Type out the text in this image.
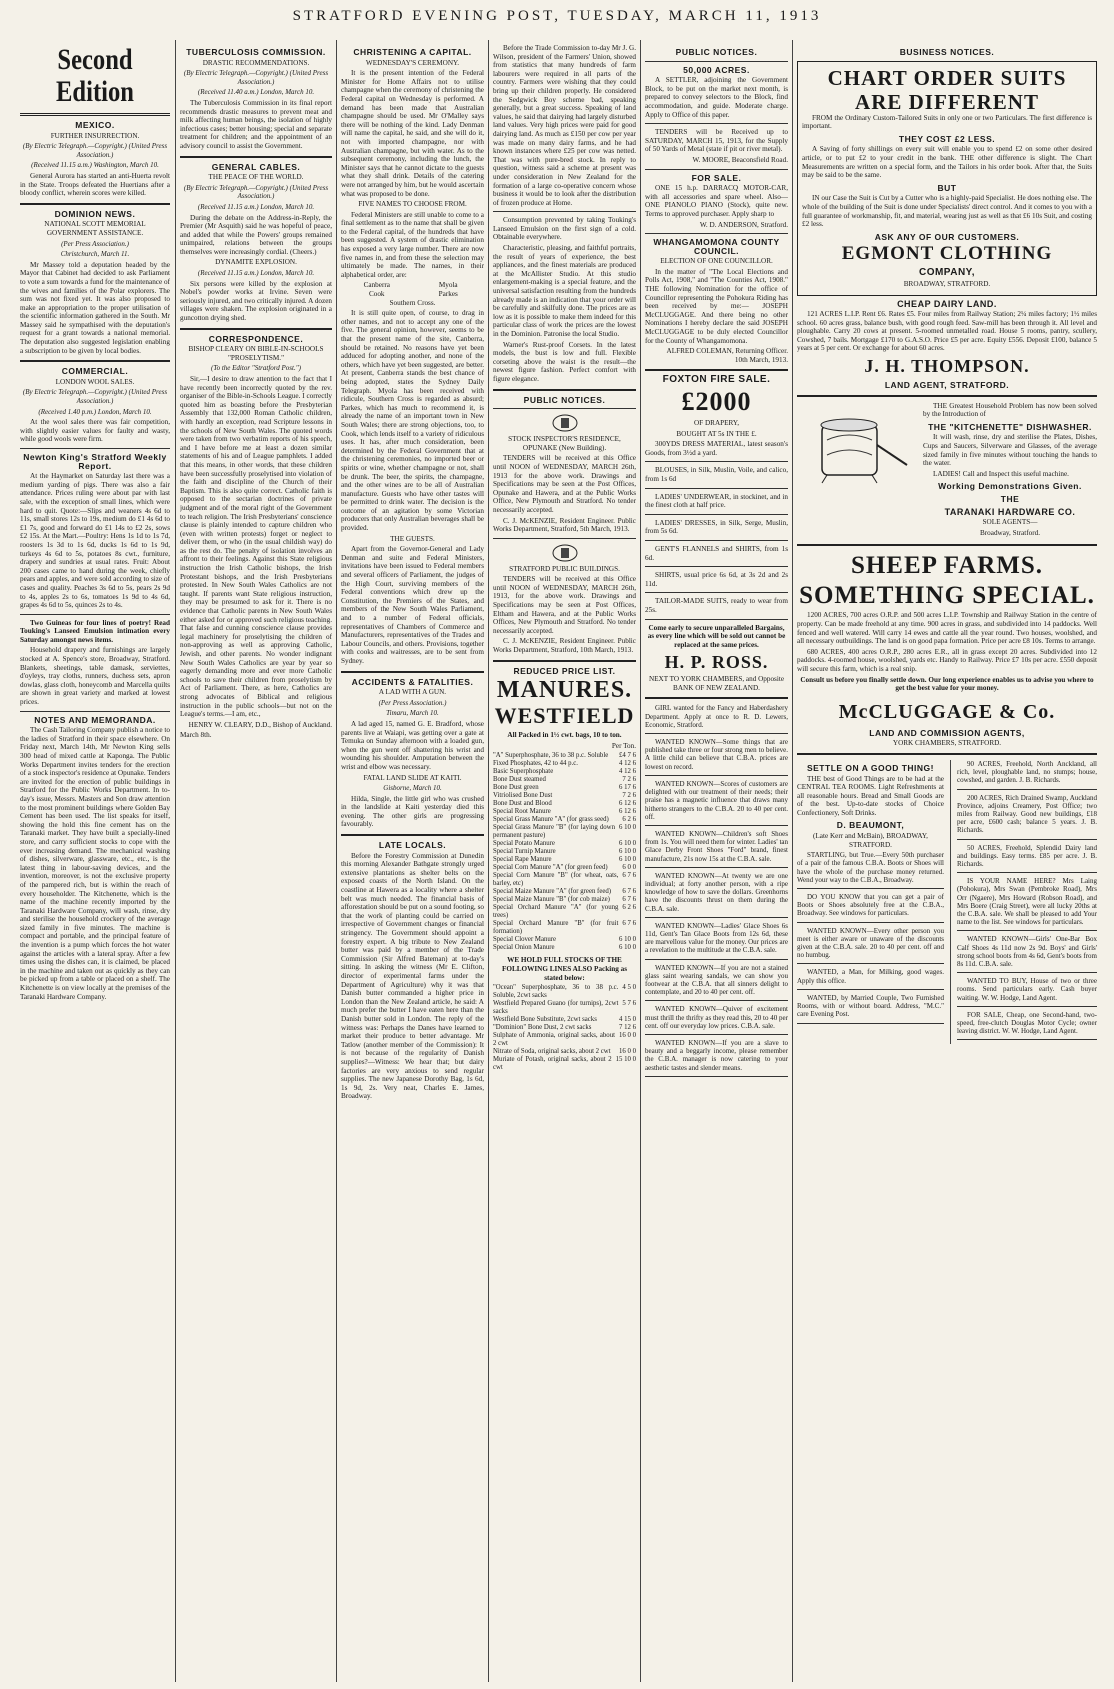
STRATFORD EVENING POST, TUESDAY, MARCH 11, 1913
Second Edition
MEXICO.
FURTHER INSURRECTION.
(By Electric Telegraph.—Copyright.) (United Press Association.)
(Received 11.15 a.m.) Washington, March 10.

General Aurora has started an anti-Huerta revolt in the State. Troops defeated the Huertians after a bloody conflict, wherein scores were killed.

DOMINION NEWS.
NATIONAL SCOTT MEMORIAL GOVERNMENT ASSISTANCE.
(Per Press Association.)
Christchurch, March 11.

Mr Massey told a deputation headed by the Mayor that Cabinet had decided to ask Parliament to vote a sum towards a fund for the maintenance of the wives and families of the Polar explorers. The sum was not fixed yet. It was also proposed to make an appropriation to the proper utilisation of the scientific information gathered in the South. Mr Massey said he sympathised with the deputation's request for a grant towards a national memorial. The deputation also suggested legislation enabling a subscription to be given by local bodies.

COMMERCIAL.
LONDON WOOL SALES.
(By Electric Telegraph.—Copyright.) (United Press Association.)
(Received 1.40 p.m.) London, March 10.

At the wool sales there was fair competition, with slightly easier values for faulty and wasty, while good wools were firm.

Newton King's Stratford Weekly Report.

At the Haymarket on Saturday last there was a medium yarding of pigs. There was also a fair attendance. Prices ruling were about par with last sale, with the exception of small lines, which were hard to quit. Quote:—Slips and weaners 4s 6d to 11s, small stores 12s to 19s, medium do £1 4s 6d to £1 7s, good and forward do £1 14s to £2 2s, sows £2 15s. At the Mart.—Poultry: Hens 1s 1d to 1s 7d, roosters 1s 3d to 1s 6d, ducks 1s 6d to 1s 9d, turkeys 4s 6d to 5s, potatoes 8s cwt., furniture, drapery and sundries at usual rates. Fruit: About 200 cases came to hand during the week, chiefly pears and apples, and were sold according to size of cases and quality. Peaches 3s 6d to 5s, pears 2s 9d to 4s, apples 2s to 6s, tomatoes 1s 9d to 4s 6d, grapes 4s 6d to 5s, quinces 2s to 4s.

Two Guineas for four lines of poetry! Read Touking's Lanseed Emulsion intimation every Saturday amongst news items.

Household drapery and furnishings are largely stocked at A. Spence's store, Broadway, Stratford. Blankets, sheetings, table damask, serviettes, d'oyleys, tray cloths, runners, duchess sets, apron dowlas, glass cloth, honeycomb and Marcella quilts are shown in great variety and marked at lowest prices.

NOTES AND MEMORANDA.

The Cash Tailoring Company publish a notice to the ladies of Stratford in their space elsewhere. On Friday next, March 14th, Mr Newton King sells 300 head of mixed cattle at Kaponga. The Public Works Department invites tenders for the erection of a stock inspector's residence at Opunake. Tenders are invited for the erection of public buildings in Stratford for the Public Works Department. In to-day's issue, Messrs. Masters and Son draw attention to the most prominent buildings where Golden Bay Cement has been used. The list speaks for itself, showing the hold this fine cement has on the Taranaki market. They have built a specially-lined store, and carry sufficient stocks to cope with the ever increasing demand. The mechanical washing of dishes, silverware, glassware, etc., etc., is the latest thing in labour-saving devices, and the invention, moreover, is not the exclusive property of the pampered rich, but is within the reach of every householder. The Kitchenette, which is the name of the machine recently imported by the Taranaki Hardware Company, will wash, rinse, dry and sterilise the household crockery of the average sized family in five minutes. The machine is compact and portable, and the principal feature of the invention is a pump which forces the hot water against the articles with a lateral spray. After a few times using the dishes can, it is claimed, be placed in the machine and taken out as quickly as they can be picked up from a table or placed on a shelf. The Kitchenette is on view locally at the premises of the Taranaki Hardware Company.

TUBERCULOSIS COMMISSION.
DRASTIC RECOMMENDATIONS.
(By Electric Telegraph.—Copyright.) (United Press Association.)
(Received 11.40 a.m.) London, March 10.

The Tuberculosis Commission in its final report recommends drastic measures to prevent meat and milk affecting human beings, the isolation of highly infectious cases; better housing; special and separate treatment for children; and the appointment of an advisory council to assist the Government.

GENERAL CABLES.
THE PEACE OF THE WORLD.
(By Electric Telegraph.—Copyright.) (United Press Association.)
(Received 11.15 a.m.) London, March 10.

During the debate on the Address-in-Reply, the Premier (Mr Asquith) said he was hopeful of peace, and added that while the Powers' groups remained unimpaired, relations between the groups themselves were increasingly cordial. (Cheers.)

DYNAMITE EXPLOSION.
(Received 11.15 a.m.) London, March 10.

Six persons were killed by the explosion at Nobel's powder works at Irvine. Seven were seriously injured, and two critically injured. A dozen villages were shaken. The explosion originated in a guncotton drying shed.

CORRESPONDENCE.
BISHOP CLEARY ON BIBLE-IN-SCHOOLS "PROSELYTISM."
(To the Editor "Stratford Post.")

Sir,—I desire to draw attention to the fact that I have recently been incorrectly quoted by the rev. organiser of the Bible-in-Schools League. I correctly quoted him as boasting before the Presbyterian Assembly that 132,000 Roman Catholic children, with hardly an exception, read Scripture lessons in the schools of New South Wales. The quoted words were taken from two verbatim reports of his speech, and I have before me at least a dozen similar statements of his and of League pamphlets. I added that this means, in other words, that these children have been successfully proselytised into violation of the faith and discipline of the Church of their Baptism. This is also quite correct. Catholic faith is opposed to the sectarian doctrines of private judgment and of the moral right of the Government to teach religion. The Irish Presbyterians' conscience clause is plainly intended to capture children who (even with written protests) forget or neglect to deliver them, or who (in the usual childish way) do as the rest do. The penalty of isolation involves an affront to their feelings. Against this State religious instruction the Irish Catholic bishops, the Irish Protestant bishops, and the Irish Presbyterians protested. In New South Wales Catholics are not taught. If parents want State religious instruction, they may be presumed to ask for it. There is no evidence that Catholic parents in New South Wales either asked for or approved such religious teaching. That false and cunning conscience clause provides legal machinery for proselytising the children of non-approving as well as approving Catholic, Jewish, and other parents. No wonder indignant New South Wales Catholics are year by year so eagerly demanding more and ever more Catholic schools to save their children from proselytism by Act of Parliament. There, as here, Catholics are strong advocates of Biblical and religious instruction in the public schools—but not on the League's terms.—I am, etc.,

HENRY W. CLEARY, D.D., Bishop of Auckland.
March 8th.
CHRISTENING A CAPITAL.
WEDNESDAY'S CEREMONY.

It is the present intention of the Federal Minister for Home Affairs not to utilise champagne when the ceremony of christening the Federal capital on Wednesday is performed. A demand has been made that Australian champagne should be used. Mr O'Malley says there will be nothing of the kind. Lady Denman will name the capital, he said, and she will do it, not with imported champagne, nor with Australian champagne, but with water. As to the subsequent ceremony, including the lunch, the Minister says that he cannot dictate to the guests what they shall drink. Details of the catering were not arranged by him, but he would ascertain what was proposed to be done.

FIVE NAMES TO CHOOSE FROM.

Federal Ministers are still unable to come to a final settlement as to the name that shall be given to the Federal capital, of the hundreds that have been suggested. A system of drastic elimination has exposed a very large number. There are now five names in, and from these the selection may ultimately be made. The names, in their alphabetical order, are:

Canberra	Myola
Cook	Parkes
Southern Cross.

It is still quite open, of course, to drag in other names, and not to accept any one of the five. The general opinion, however, seems to be that the present name of the site, Canberra, should be retained. No reasons have yet been adduced for adopting another, and none of the others, which have yet been suggested, are better. At present, Canberra stands the best chance of being adopted, states the Sydney Daily Telegraph. Myola has been received with ridicule, Southern Cross is regarded as absurd; Parkes, which has much to recommend it, is already the name of an important town in New South Wales; there are strong objections, too, to Cook, which lends itself to a variety of ridiculous uses. It has, after much consideration, been determined by the Federal Government that at the christening ceremonies, no imported beer or spirits or wine, whether champagne or not, shall be drunk. The beer, the spirits, the champagne, and the other wines are to be all of Australian manufacture. Guests who have other tastes will be permitted to drink water. The decision is the outcome of an agitation by some Victorian producers that only Australian beverages shall be provided.

THE GUESTS.

Apart from the Governor-General and Lady Denman and suite and Federal Ministers, invitations have been issued to Federal members and several officers of Parliament, the judges of the High Court, surviving members of the Federal conventions which drew up the Constitution, the Premiers of the States, and members of the New South Wales Parliament, and to a number of Federal officials, representatives of Chambers of Commerce and Manufacturers, representatives of the Trades and Labour Councils, and others. Provisions, together with cooks and waitresses, are to be sent from Sydney.

ACCIDENTS & FATALITIES.
A LAD WITH A GUN.
(Per Press Association.)
Timaru, March 10.

A lad aged 15, named G. E. Bradford, whose parents live at Waiapi, was getting over a gate at Temuka on Sunday afternoon with a loaded gun, when the gun went off shattering his wrist and wounding his shoulder. Amputation between the wrist and elbow was necessary.

FATAL LAND SLIDE AT KAITI.
Gisborne, March 10.

Hilda, Single, the little girl who was crushed in the landslide at Kaiti yesterday died this evening. The other girls are progressing favourably.

LATE LOCALS.

Before the Forestry Commission at Dunedin this morning Alexander Bathgate strongly urged extensive plantations as shelter belts on the exposed coasts of the North Island. On the coastline at Hawera as a locality where a shelter belt was much needed. The financial basis of afforestation should be put on a sound footing, so that the work of planting could be carried on irrespective of Government changes or financial stringency. The Government should appoint a forestry expert. A big tribute to New Zealand butter was paid by a member of the Trade Commission (Sir Alfred Bateman) at to-day's sitting. In asking the witness (Mr E. Clifton, director of experimental farms under the Department of Agriculture) why it was that Danish butter commanded a higher price in London than the New Zealand article, he said: A much prefer the butter I have eaten here than the Danish butter sold in London. The reply of the witness was: Perhaps the Danes have learned to market their produce to better advantage. Mr Tatlow (another member of the Commission): It is not because of the regularity of Danish supplies?—Witness: We hear that; but dairy factories are very anxious to send regular supplies. The new Japanese Dorothy Bag, 1s 6d, 1s 9d, 2s. Very neat, Charles E. James, Broadway.

Before the Trade Commission to-day Mr J. G. Wilson, president of the Farmers' Union, showed from statistics that many hundreds of farm labourers were required in all parts of the country. Farmers were wishing that they could bring up their children properly. He considered the Sedgwick Boy scheme bad, speaking generally, but a great success. Speaking of land values, he said that dairying had largely disturbed land values. Very high prices were paid for good dairying land. As much as £150 per cow per year was made on many dairy farms, and he had known instances where £25 per cow was netted. That was with pure-bred stock. In reply to question, witness said a scheme at present was under consideration in New Zealand for the formation of a large co-operative concern whose business it would be to look after the distribution of frozen produce at Home.

Consumption prevented by taking Touking's Lanseed Emulsion on the first sign of a cold. Obtainable everywhere.

Characteristic, pleasing, and faithful portraits, the result of years of experience, the best appliances, and the finest materials are produced at the McAllister Studio. At this studio enlargement-making is a special feature, and the universal satisfaction resulting from the hundreds already made is an indication that your order will be carefully and skilfully done. The prices are as low as it is possible to make them indeed for this particular class of work the prices are the lowest in the Dominion. Patronise the local Studio.

Warner's Rust-proof Corsets. In the latest models, the bust is low and full. Flexible corseting above the waist is the result—the newest figure fashion. Perfect comfort with figure elegance.

PUBLIC NOTICES.
STOCK INSPECTOR'S RESIDENCE, OPUNAKE (New Building).

TENDERS will be received at this Office until NOON of WEDNESDAY, MARCH 26th, 1913 for the above work. Drawings and Specifications may be seen at the Post Offices, Opunake and Hawera, and at the Public Works Office, New Plymouth and Stratford. No tender necessarily accepted.

C. J. McKENZIE, Resident Engineer. Public Works Department, Stratford, 5th March, 1913.

STRATFORD PUBLIC BUILDINGS.

TENDERS will be received at this Office until NOON of WEDNESDAY, MARCH 26th, 1913, for the above work. Drawings and Specifications may be seen at Post Offices, Eltham and Hawera, and at the Public Works Offices, New Plymouth and Stratford. No tender necessarily accepted.

C. J. McKENZIE, Resident Engineer. Public Works Department, Stratford, 10th March, 1913.

REDUCED PRICE LIST.
MANURES.
WESTFIELD
All Packed in 1½ cwt. bags, 10 to ton.
Per Ton.
"A" Superphosphate, 36 to 38 p.c. Soluble £4 7 6
Fixed Phosphates, 42 to 44 p.c.	4 12 6
Basic Superphosphate	4 12 6
Bone Dust steamed	7 2 6
Bone Dust green	6 17 6
Vitriolised Bone Dust	7 2 6
Bone Dust and Blood	6 12 6
Special Root Manure	6 12 6
Special Grass Manure "A" (for grass seed) 6 2 6
Special Grass Manure "B" (for laying down permanent pasture)
6 10 0
Special Potato Manure	6 10 0
Special Turnip Manure	6 10 0
Special Rape Manure	6 10 0
Special Corn Manure "A" (for green feed) 6 0 0
Special Corn Manure "B" (for wheat, oats, barley, etc)
6 7 6
Special Maize Manure "A" (for green feed) 6 7 6
Special Maize Manure "B" (for cob maize) 6 7 6
Special Orchard Manure "A" (for young trees)
6 2 6
Special Orchard Manure "B" (for fruit formation)
6 7 6
Special Clover Manure	6 10 0
Special Onion Manure	6 10 0
WE HOLD FULL STOCKS OF THE FOLLOWING LINES ALSO Packing as stated below:
"Ocean" Superphosphate, 36 to 38 p.c. Soluble, 2cwt sacks
4 5 0
Westfield Prepared Guano (for turnips), 2cwt sacks
5 7 6
Westfield Bone Substitute, 2cwt sacks	4 15 0
"Dominion" Bone Dust, 2 cwt sacks	7 12 6
Sulphate of Ammonia, original sacks, about 2 cwt
16 0 0
Nitrate of Soda, original sacks, about 2 cwt 16 0 0
Muriate of Potash, original sacks, about 2 cwt
15 10 0
PUBLIC NOTICES.
50,000 ACRES.

A SETTLER, adjoining the Government Block, to be put on the market next month, is prepared to convey selectors to the Block, find accommodation, and guide. Moderate charge. Apply to Office of this paper.

TENDERS will be Received up to SATURDAY, MARCH 15, 1913, for the Supply of 50 Yards of Metal (state if pit or river metal).

W. MOORE, Beaconsfield Road.

FOR SALE.

ONE 15 h.p. DARRACQ MOTOR-CAR, with all accessories and spare wheel. Also— ONE PIANOLO PIANO (Stock), quite new. Terms to approved purchaser. Apply sharp to

W. D. ANDERSON, Stratford.

WHANGAMOMONA COUNTY COUNCIL.
ELECTION OF ONE COUNCILLOR.

In the matter of "The Local Elections and Polls Act, 1908," and "The Counties Act, 1908." THE following Nomination for the office of Councillor representing the Pohokura Riding has been received by me:— JOSEPH McCLUGGAGE. And there being no other Nominations I hereby declare the said JOSEPH McCLUGGAGE to be duly elected Councillor for the County of Whangamomona.

ALFRED COLEMAN, Returning Officer. 10th March, 1913.

FOXTON FIRE SALE.
£2000
OF DRAPERY,
BOUGHT AT 5s IN THE £.

300YDS DRESS MATERIAL, latest season's Goods, from 3½d a yard.

BLOUSES, in Silk, Muslin, Voile, and calico, from 1s 6d

LADIES' UNDERWEAR, in stockinet, and in the finest cloth at half price.

LADIES' DRESSES, in Silk, Serge, Muslin, from 5s 6d.

GENT'S FLANNELS and SHIRTS, from 1s 6d.

SHIRTS, usual price 6s 6d, at 3s 2d and 2s 11d.

TAILOR-MADE SUITS, ready to wear from 25s.

Come early to secure unparalleled Bargains, as every line which will be sold out cannot be replaced at the same prices.
H. P. ROSS.
NEXT TO YORK CHAMBERS, and Opposite BANK OF NEW ZEALAND.

GIRL wanted for the Fancy and Haberdashery Department. Apply at once to R. D. Lewers, Economic, Stratford.

WANTED KNOWN—Some things that are published take three or four strong men to believe. A little child can believe that C.B.A. prices are lowest on record.

WANTED KNOWN—Scores of customers are delighted with our treatment of their needs; their praise has a magnetic influence that draws many hitherto strangers to the C.B.A. 20 to 40 per cent. off.

WANTED KNOWN—Children's soft Shoes from 1s. You will need them for winter. Ladies' tan Glace Derby Front Shoes "Ford" brand, finest manufacture, 21s now 15s at the C.B.A. sale.

WANTED KNOWN—At twenty we are one individual; at forty another person, with a ripe knowledge of how to save the dollars. Greenhorns have the discounts thrust on them during the C.B.A. sale.

WANTED KNOWN—Ladies' Glace Shoes 6s 11d, Gent's Tan Glace Boots from 12s 6d, these are marvellous value for the money. Our prices are a revelation to the multitude at the C.B.A. sale.

WANTED KNOWN—If you are not a stained glass saint wearing sandals, we can show you footwear at the C.B.A. that all sinners delight to contemplate, and 20 to 40 per cent. off.

WANTED KNOWN—Quiver of excitement must thrill the thrifty as they read this, 20 to 40 per cent. off our everyday low prices. C.B.A. sale.

WANTED KNOWN—If you are a slave to beauty and a beggarly income, please remember the C.B.A. manager is now catering to your aesthetic tastes and slender means.

BUSINESS NOTICES.
CHART ORDER SUITS
ARE DIFFERENT

FROM the Ordinary Custom-Tailored Suits in only one or two Particulars. The first difference is important.

THEY COST £2 LESS.

A Saving of forty shillings on every suit will enable you to spend £2 on some other desired article, or to put £2 to your credit in the bank. THE other difference is slight. The Chart Measurements are written on a special form, and the Tailors in his order book. After that, the Suits may be said to be the same.

BUT

IN our Case the Suit is Cut by a Cutter who is a highly-paid Specialist. He does nothing else. The whole of the building of the Suit is done under Specialists' direct control. And it comes to you with a full guarantee of workmanship, fit, and material, wearing just as well as that £6 10s Suit, and costing £2 less.

ASK ANY OF OUR CUSTOMERS.
EGMONT CLOTHING
COMPANY,
BROADWAY, STRATFORD.
CHEAP DAIRY LAND.

121 ACRES L.I.P. Rent £6. Rates £5. Four miles from Railway Station; 2¼ miles factory; 1½ miles school. 60 acres grass, balance bush, with good rough feed. Saw-mill has been through it. All level and ploughable. Carry 20 cows at present. 5-roomed unmetalled road. House 5 rooms, pantry, scullery, Cowshed, 7 bails. Mortgage £170 to G.A.S.O. Price £5 per acre. Equity £556. Deposit £100, balance 5 years at 5 per cent. Or exchange for about 60 acres.

J. H. THOMPSON.
LAND AGENT, STRATFORD.

THE Greatest Household Problem has now been solved by the Introduction of

THE "KITCHENETTE" DISHWASHER.

It will wash, rinse, dry and sterilise the Plates, Dishes, Cups and Saucers, Silverware and Glasses, of the average sized family in five minutes without touching the hands to the water.

LADIES! Call and Inspect this useful machine.

Working Demonstrations Given.
THE
TARANAKI HARDWARE CO.
SOLE AGENTS—
Broadway, Stratford.
SHEEP FARMS.
SOMETHING SPECIAL.

1200 ACRES, 700 acres O.R.P. and 500 acres L.I.P. Township and Railway Station in the centre of property. Can be made freehold at any time. 900 acres in grass, and subdivided into 14 paddocks. Well fenced and well watered. Will carry 14 ewes and cattle all the year round. Two houses, woolshed, and all necessary outbuildings. The land is on good papa formation. Price per acre £8 10s. Terms to arrange.

680 ACRES, 400 acres O.R.P., 280 acres E.R., all in grass except 20 acres. Subdivided into 12 paddocks. 4-roomed house, woolshed, yards etc. Handy to Railway. Price £7 10s per acre. £550 deposit will secure this farm, which is a real snip.

Consult us before you finally settle down. Our long experience enables us to advise you where to get the best value for your money.
McCLUGGAGE & Co.
LAND AND COMMISSION AGENTS,
YORK CHAMBERS, STRATFORD.
SETTLE ON A GOOD THING!

THE best of Good Things are to be had at the CENTRAL TEA ROOMS. Light Refreshments at all reasonable hours. Bread and Small Goods are of the best. Up-to-date stocks of Choice Confectionery, Soft Drinks.

D. BEAUMONT,
(Late Kerr and McBain), BROADWAY, STRATFORD.

STARTLING, but True.—Every 50th purchaser of a pair of the famous C.B.A. Boots or Shoes will have the whole of the purchase money returned. Wend your way to the C.B.A., Broadway.

DO YOU KNOW that you can get a pair of Boots or Shoes absolutely free at the C.B.A., Broadway. See windows for particulars.

WANTED KNOWN—Every other person you meet is either aware or unaware of the discounts given at the C.B.A. sale. 20 to 40 per cent. off and no humbug.

WANTED, a Man, for Milking, good wages. Apply this office.

WANTED, by Married Couple, Two Furnished Rooms, with or without board. Address, "M.C." care Evening Post.

90 ACRES, Freehold, North Anckland, all rich, level, ploughable land, no stumps; house, cowshed, and garden. J. B. Richards.

200 ACRES, Rich Drained Swamp, Auckland Province, adjoins Creamery, Post Office; two miles from Railway. Good new buildings, £18 per acre, £600 cash; balance 5 years. J. B. Richards.

50 ACRES, Freehold, Splendid Dairy land and buildings. Easy terms. £85 per acre. J. B. Richards.

IS YOUR NAME HERE? Mrs Laing (Pohokura), Mrs Swan (Pembroke Road), Mrs Orr (Ngaere), Mrs Howard (Robson Road), and Mrs Boere (Craig Street), were all lucky 20ths at the C.B.A. sale. We shall be pleased to add Your name to the list. See windows for particulars.

WANTED KNOWN—Girls' One-Bar Box Calf Shoes 4s 11d now 2s 9d. Boys' and Girls' strong school boots from 4s 6d, Gent's boots from 8s 11d. C.B.A. sale.

WANTED TO BUY, House of two or three rooms. Send particulars early. Cash buyer waiting. W. W. Hodge, Land Agent.

FOR SALE, Cheap, one Second-hand, two-speed, free-clutch Douglas Motor Cycle; owner leaving district. W. W. Hodge, Land Agent.
